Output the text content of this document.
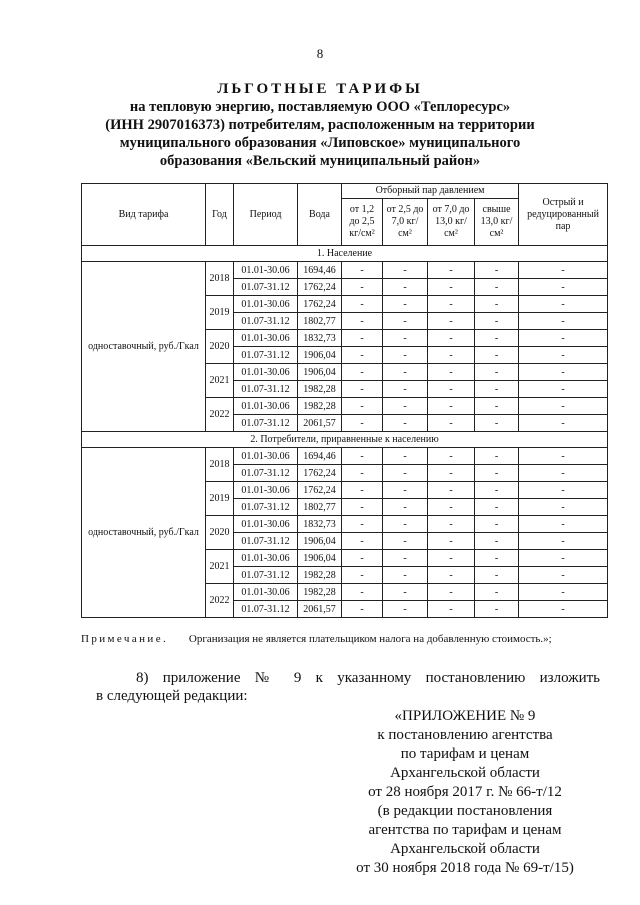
8
ЛЬГОТНЫЕ ТАРИФЫ
на тепловую энергию, поставляемую ООО «Теплоресурс»
(ИНН 2907016373) потребителям, расположенным на территории
муниципального образования «Липовское» муниципального
образования «Вельский муниципальный район»
Вид тарифа	Год	Период	Вода	Отборный пар давлением				Острый и редуцированный пар
				от 1,2 до 2,5 кг/см²	от 2,5 до 7,0 кг/см²	от 7,0 до 13,0 кг/см²	свыше 13,0 кг/см²	
1. Население								
одноставочный, руб./Гкал	2018	01.01-30.06	1694,46	-	-	-	-	-
		01.07-31.12	1762,24	-	-	-	-	-
	2019	01.01-30.06	1762,24	-	-	-	-	-
		01.07-31.12	1802,77	-	-	-	-	-
	2020	01.01-30.06	1832,73	-	-	-	-	-
		01.07-31.12	1906,04	-	-	-	-	-
	2021	01.01-30.06	1906,04	-	-	-	-	-
		01.07-31.12	1982,28	-	-	-	-	-
	2022	01.01-30.06	1982,28	-	-	-	-	-
		01.07-31.12	2061,57	-	-	-	-	-
2. Потребители, приравненные к населению								
одноставочный, руб./Гкал	2018	01.01-30.06	1694,46	-	-	-	-	-
		01.07-31.12	1762,24	-	-	-	-	-
	2019	01.01-30.06	1762,24	-	-	-	-	-
		01.07-31.12	1802,77	-	-	-	-	-
	2020	01.01-30.06	1832,73	-	-	-	-	-
		01.07-31.12	1906,04	-	-	-	-	-
	2021	01.01-30.06	1906,04	-	-	-	-	-
		01.07-31.12	1982,28	-	-	-	-	-
	2022	01.01-30.06	1982,28	-	-	-	-	-
		01.07-31.12	2061,57	-	-	-	-	-
Примечание. Организация не является плательщиком налога на добавленную стоимость.»;
8) приложение № 9 к указанному постановлению изложить
в следующей редакции:
«ПРИЛОЖЕНИЕ № 9
к постановлению агентства
по тарифам и ценам
Архангельской области
от 28 ноября 2017 г. № 66-т/12
(в редакции постановления
агентства по тарифам и ценам
Архангельской области
от 30 ноября 2018 года № 69-т/15)
